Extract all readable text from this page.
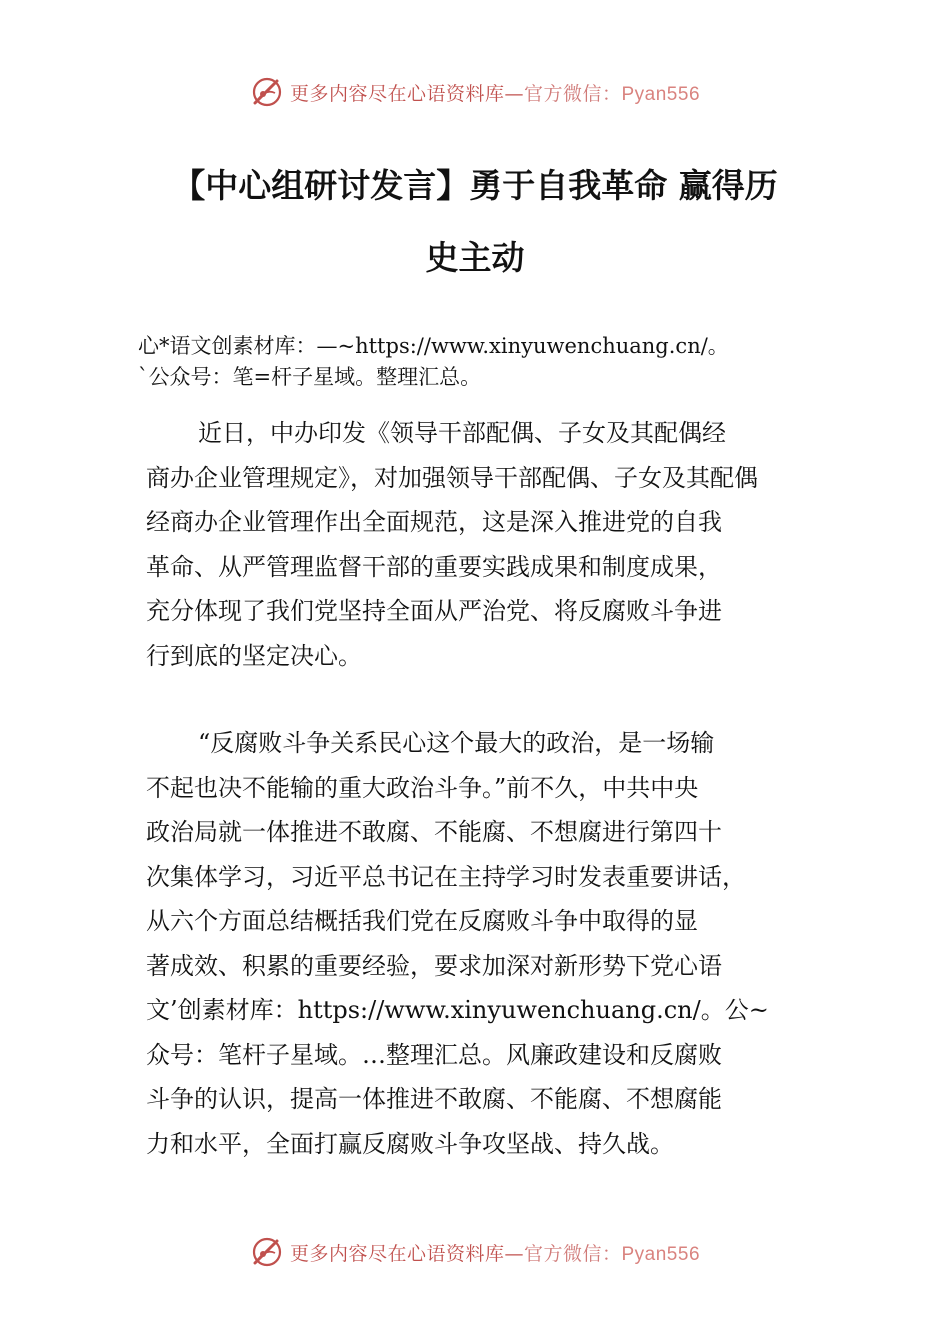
更多内容尽在心语资料库—官方微信：Pyan556
【中心组研讨发言】勇于自我革命 赢得历
史主动
心*语文创素材库：—~https://www.xinyuwenchuang.cn/。
`公众号：笔=杆子星域。整理汇总。
近日，中办印发《领导干部配偶、子女及其配偶经
商办企业管理规定》，对加强领导干部配偶、子女及其配偶
经商办企业管理作出全面规范，这是深入推进党的自我
革命、从严管理监督干部的重要实践成果和制度成果，
充分体现了我们党坚持全面从严治党、将反腐败斗争进
行到底的坚定决心。
“反腐败斗争关系民心这个最大的政治，是一场输
不起也决不能输的重大政治斗争。”前不久，中共中央
政治局就一体推进不敢腐、不能腐、不想腐进行第四十
次集体学习，习近平总书记在主持学习时发表重要讲话，
从六个方面总结概括我们党在反腐败斗争中取得的显
著成效、积累的重要经验，要求加深对新形势下党心语
文’创素材库：https://www.xinyuwenchuang.cn/。公~
众号：笔杆子星域。…整理汇总。风廉政建设和反腐败
斗争的认识，提高一体推进不敢腐、不能腐、不想腐能
力和水平，全面打赢反腐败斗争攻坚战、持久战。
更多内容尽在心语资料库—官方微信：Pyan556
